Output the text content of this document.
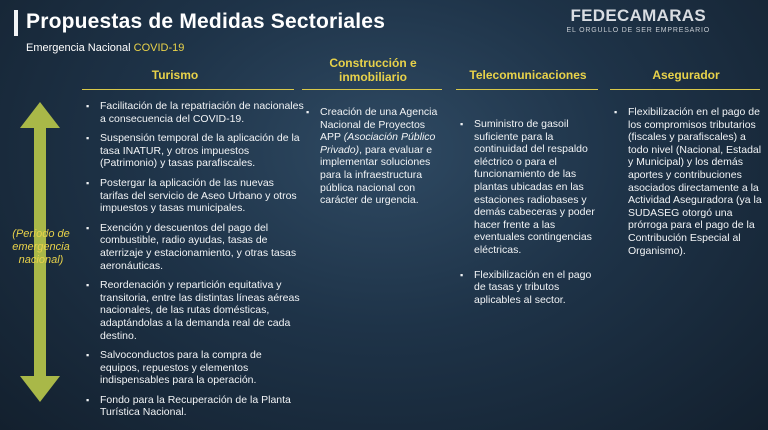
Propuestas de Medidas Sectoriales
Emergencia Nacional COVID-19
FEDECAMARAS
EL ORGULLO DE SER EMPRESARIO
(Período de emergencia nacional)
Turismo
▪ Facilitación de la repatriación de nacionales a consecuencia del COVID-19.
▪ Suspensión temporal de la aplicación de la tasa INATUR, y otros impuestos (Patrimonio) y tasas parafiscales.
▪ Postergar la aplicación de las nuevas tarifas del servicio de Aseo Urbano y otros impuestos y tasas municipales.
▪ Exención y descuentos del pago del combustible, radio ayudas, tasas de aterrizaje y estacionamiento, y otras tasas aeronáuticas.
▪ Reordenación y repartición equitativa y transitoria, entre las distintas líneas aéreas nacionales, de las rutas domésticas, adaptándolas a la demanda real de cada destino.
▪ Salvoconductos para la compra de equipos, repuestos y elementos indispensables para la operación.
▪ Fondo para la Recuperación de la Planta Turística Nacional.
Construcción e inmobiliario
▪ Creación de una Agencia Nacional de Proyectos APP (Asociación Público Privado), para evaluar e implementar soluciones para la infraestructura pública nacional con carácter de urgencia.
Telecomunicaciones
▪ Suministro de gasoil suficiente para la continuidad del respaldo eléctrico o para el funcionamiento de las plantas ubicadas en las estaciones radiobases y demás cabeceras y poder hacer frente a las eventuales contingencias eléctricas.
▪ Flexibilización en el pago de tasas y tributos aplicables al sector.
Asegurador
▪ Flexibilización en el pago de los compromisos tributarios (fiscales y parafiscales) a todo nivel (Nacional, Estadal y Municipal) y los demás aportes y contribuciones asociados directamente a la Actividad Aseguradora (ya la SUDASEG otorgó una prórroga para el pago de la Contribución Especial al Organismo).
